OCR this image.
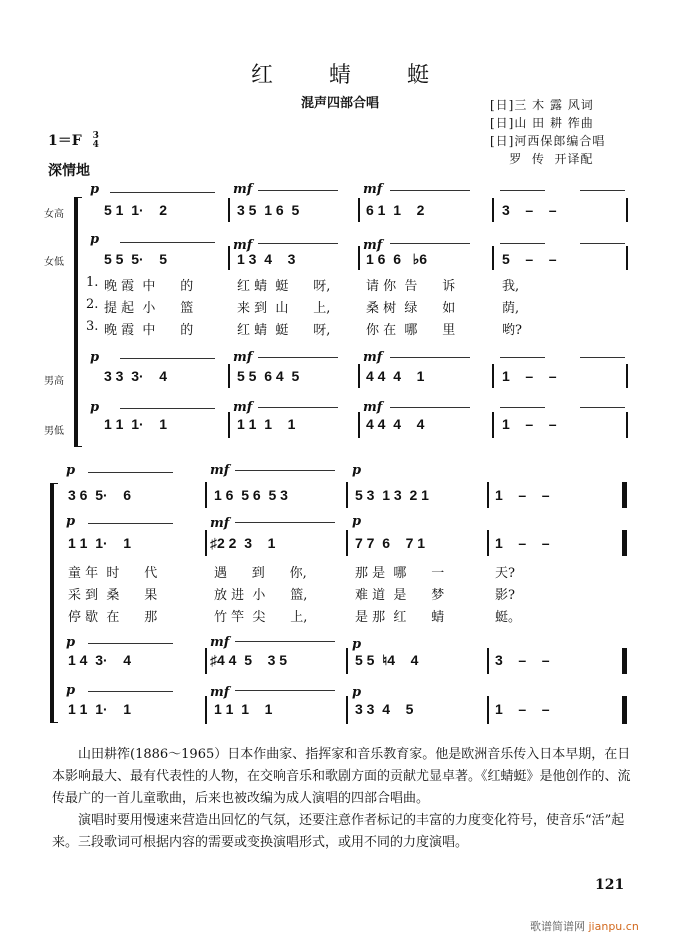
红	蜻	蜓
混声四部合唱	[日]三 木 露 风词
[日]山 田 耕 筰曲
[日]河西保郎编合唱
罗  传  开译配
1＝F 3
4
深情地
女高
女低
男高
男低
p	mf	mf
5 1  1·    2	3 5  1 6  5	6 1  1    2	3    –    –
p	mf	mf
5 5  5·    5	1 3  4    3	1 6  6   ♭6	5    –    –
1. 晚 霞  中      的	红 蜻  蜓      呀,	请 你  告      诉	我,
2. 提 起  小      篮	来 到  山      上,	桑 树  绿      如	荫,
3. 晚 霞  中      的	红 蜻  蜓      呀,	你 在  哪      里	哟?
p	mf	mf
3 3  3·    4	5 5  6 4  5	4 4  4    1	1    –    –
p	mf	mf
1 1  1·    1	1 1  1    1	4 4  4    4	1    –    –
p	mf	p
3 6  5·    6	1 6  5 6  5 3	5 3  1 3  2 1	1    –    –
p	mf	p
1 1  1·    1	♯2 2  3    1	7 7  6    7 1	1    –    –
童 年  时      代	遇      到      你,	那 是  哪      一	天?
采 到  桑      果	放 进  小      篮,	难 道  是      梦	影?
停 歇  在      那	竹 竿  尖      上,	是 那  红      蜻	蜓。
p	mf	p
1 4  3·    4	♯4 4  5    3 5	5 5  ♮4    4	3    –    –
p	mf	p
1 1  1·    1	1 1  1    1	3 3  4    5	1    –    –
山田耕筰(1886～1965）日本作曲家、指挥家和音乐教育家。他是欧洲音乐传入日本早期，在日本影响最大、最有代表性的人物，在交响音乐和歌剧方面的贡献尤显卓著。《红蜻蜓》是他创作的、流传最广的一首儿童歌曲，后来也被改编为成人演唱的四部合唱曲。
演唱时要用慢速来营造出回忆的气氛，还要注意作者标记的丰富的力度变化符号，使音乐“活”起来。三段歌词可根据内容的需要或变换演唱形式，或用不同的力度演唱。
121
歌谱简谱网 jianpu.cn
